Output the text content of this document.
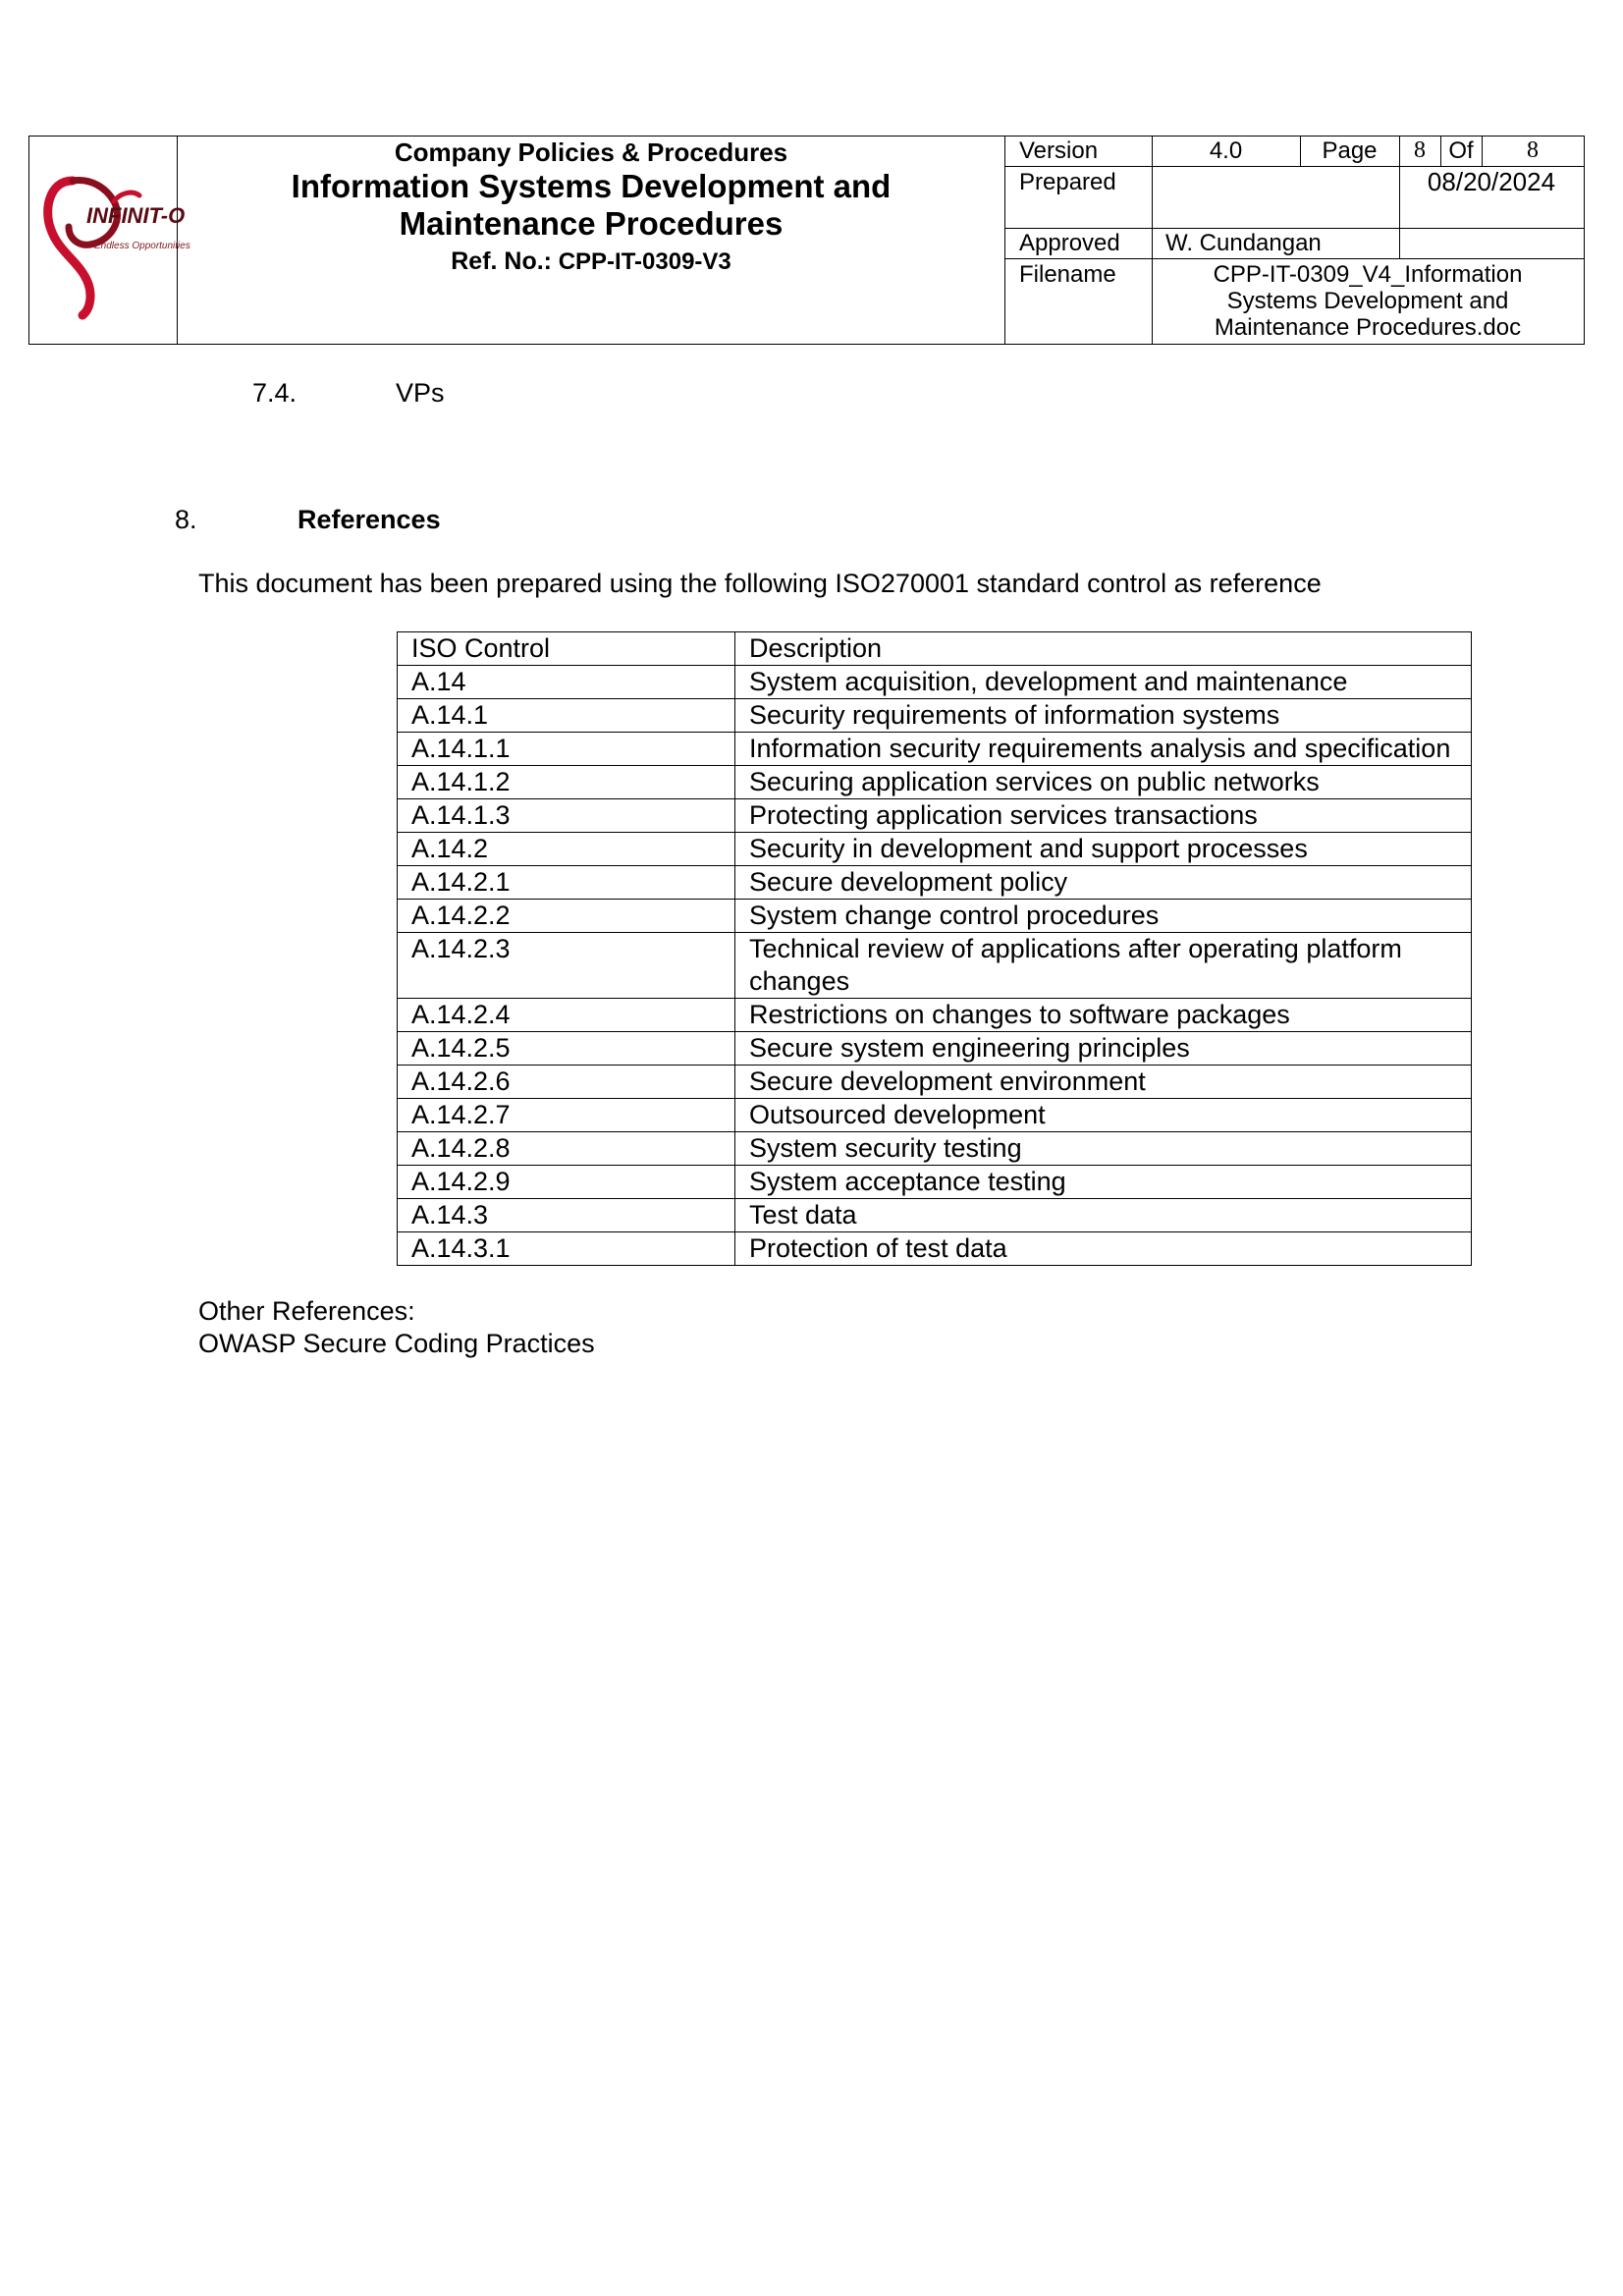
INFINIT-O
Endless Opportunities
Company Policies & Procedures
Information Systems Development and
Maintenance Procedures
Ref. No.: CPP-IT-0309-V3
Version	4.0	Page	8 Of	8
Prepared	08/20/2024
Approved W. Cundangan
Filename	CPP-IT-0309_V4_Information
Systems Development and
Maintenance Procedures.doc
7.4.	VPs
8.	References
This document has been prepared using the following ISO270001 standard control as reference
ISO Control	Description
A.14	System acquisition, development and maintenance
A.14.1	Security requirements of information systems
A.14.1.1	Information security requirements analysis and specification
A.14.1.2	Securing application services on public networks
A.14.1.3	Protecting application services transactions
A.14.2	Security in development and support processes
A.14.2.1	Secure development policy
A.14.2.2	System change control procedures
A.14.2.3	Technical review of applications after operating platform changes
A.14.2.4	Restrictions on changes to software packages
A.14.2.5	Secure system engineering principles
A.14.2.6	Secure development environment
A.14.2.7	Outsourced development
A.14.2.8	System security testing
A.14.2.9	System acceptance testing
A.14.3	Test data
A.14.3.1	Protection of test data
Other References:
OWASP Secure Coding Practices
